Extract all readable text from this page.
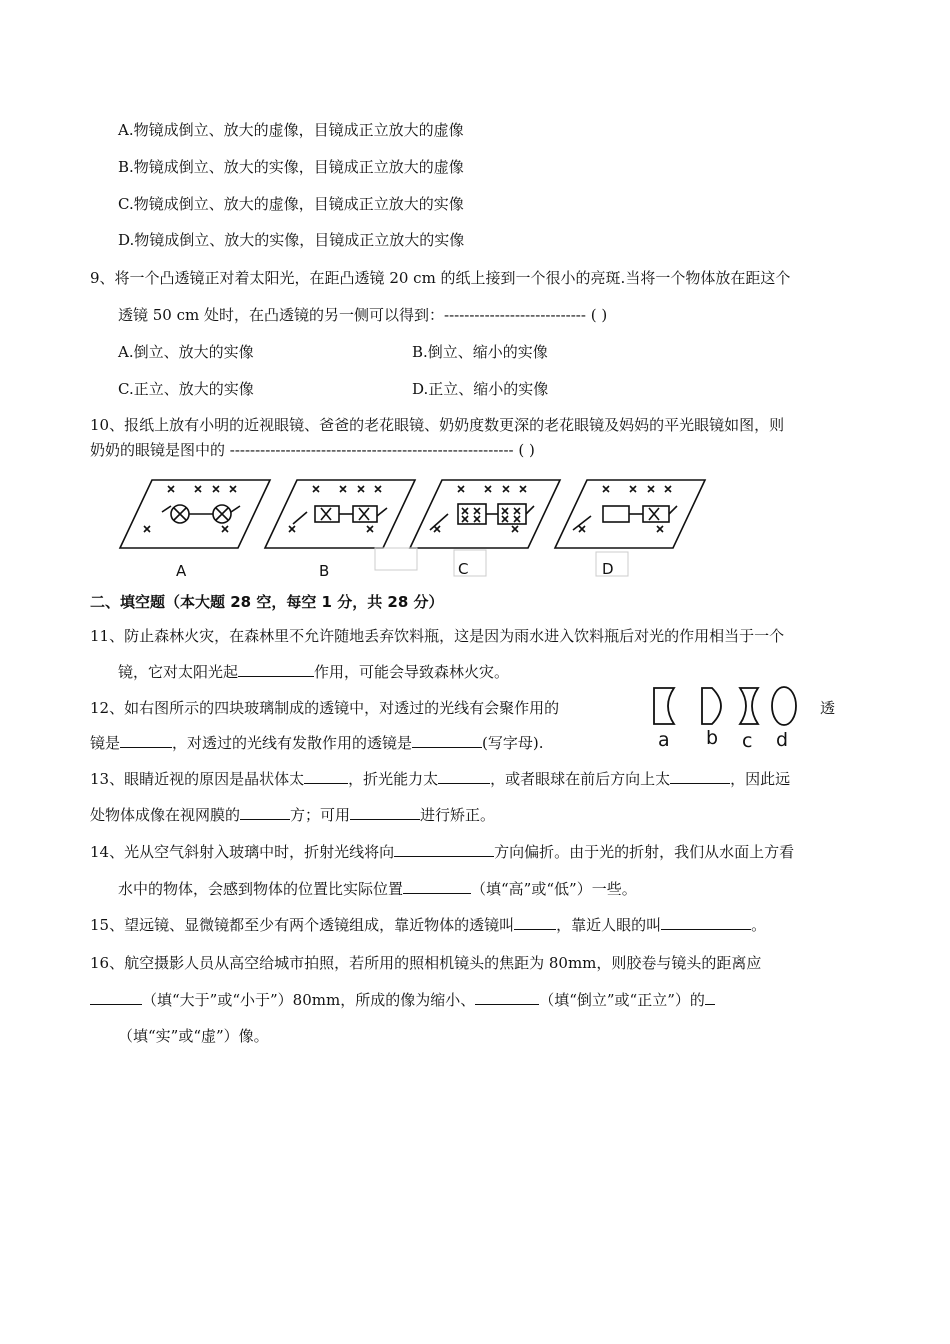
A.物镜成倒立、放大的虚像，目镜成正立放大的虚像
B.物镜成倒立、放大的实像，目镜成正立放大的虚像
C.物镜成倒立、放大的虚像，目镜成正立放大的实像
D.物镜成倒立、放大的实像，目镜成正立放大的实像
9、将一个凸透镜正对着太阳光，在距凸透镜 20 cm 的纸上接到一个很小的亮斑.当将一个物体放在距这个
透镜 50 cm 处时，在凸透镜的另一侧可以得到：---------------------------- ( )
A.倒立、放大的实像	B.倒立、缩小的实像
C.正立、放大的实像	D.正立、缩小的实像
10、报纸上放有小明的近视眼镜、爸爸的老花眼镜、奶奶度数更深的老花眼镜及妈妈的平光眼镜如图，则
奶奶的眼镜是图中的 -------------------------------------------------------- ( )
A	B	C	D
二、填空题（本大题 28 空，每空 1 分，共 28 分）
11、防止森林火灾，在森林里不允许随地丢弃饮料瓶，这是因为雨水进入饮料瓶后对光的作用相当于一个
镜，它对太阳光起	作用，可能会导致森林火灾。
12、如右图所示的四块玻璃制成的透镜中，对透过的光线有会聚作用的	透
镜是	，对透过的光线有发散作用的透镜是	(写字母).	a b c d
13、眼睛近视的原因是晶状体太	，折光能力太	，或者眼球在前后方向上太	，因此远
处物体成像在视网膜的	方；可用	进行矫正。
14、光从空气斜射入玻璃中时，折射光线将向	方向偏折。由于光的折射，我们从水面上方看
水中的物体，会感到物体的位置比实际位置	（填“高”或“低”）一些。
15、望远镜、显微镜都至少有两个透镜组成，靠近物体的透镜叫	，靠近人眼的叫	。
16、航空摄影人员从高空给城市拍照，若所用的照相机镜头的焦距为 80mm，则胶卷与镜头的距离应
（填“大于”或“小于”）80mm，所成的像为缩小、	（填“倒立”或“正立”）的
（填“实”或“虚”）像。
